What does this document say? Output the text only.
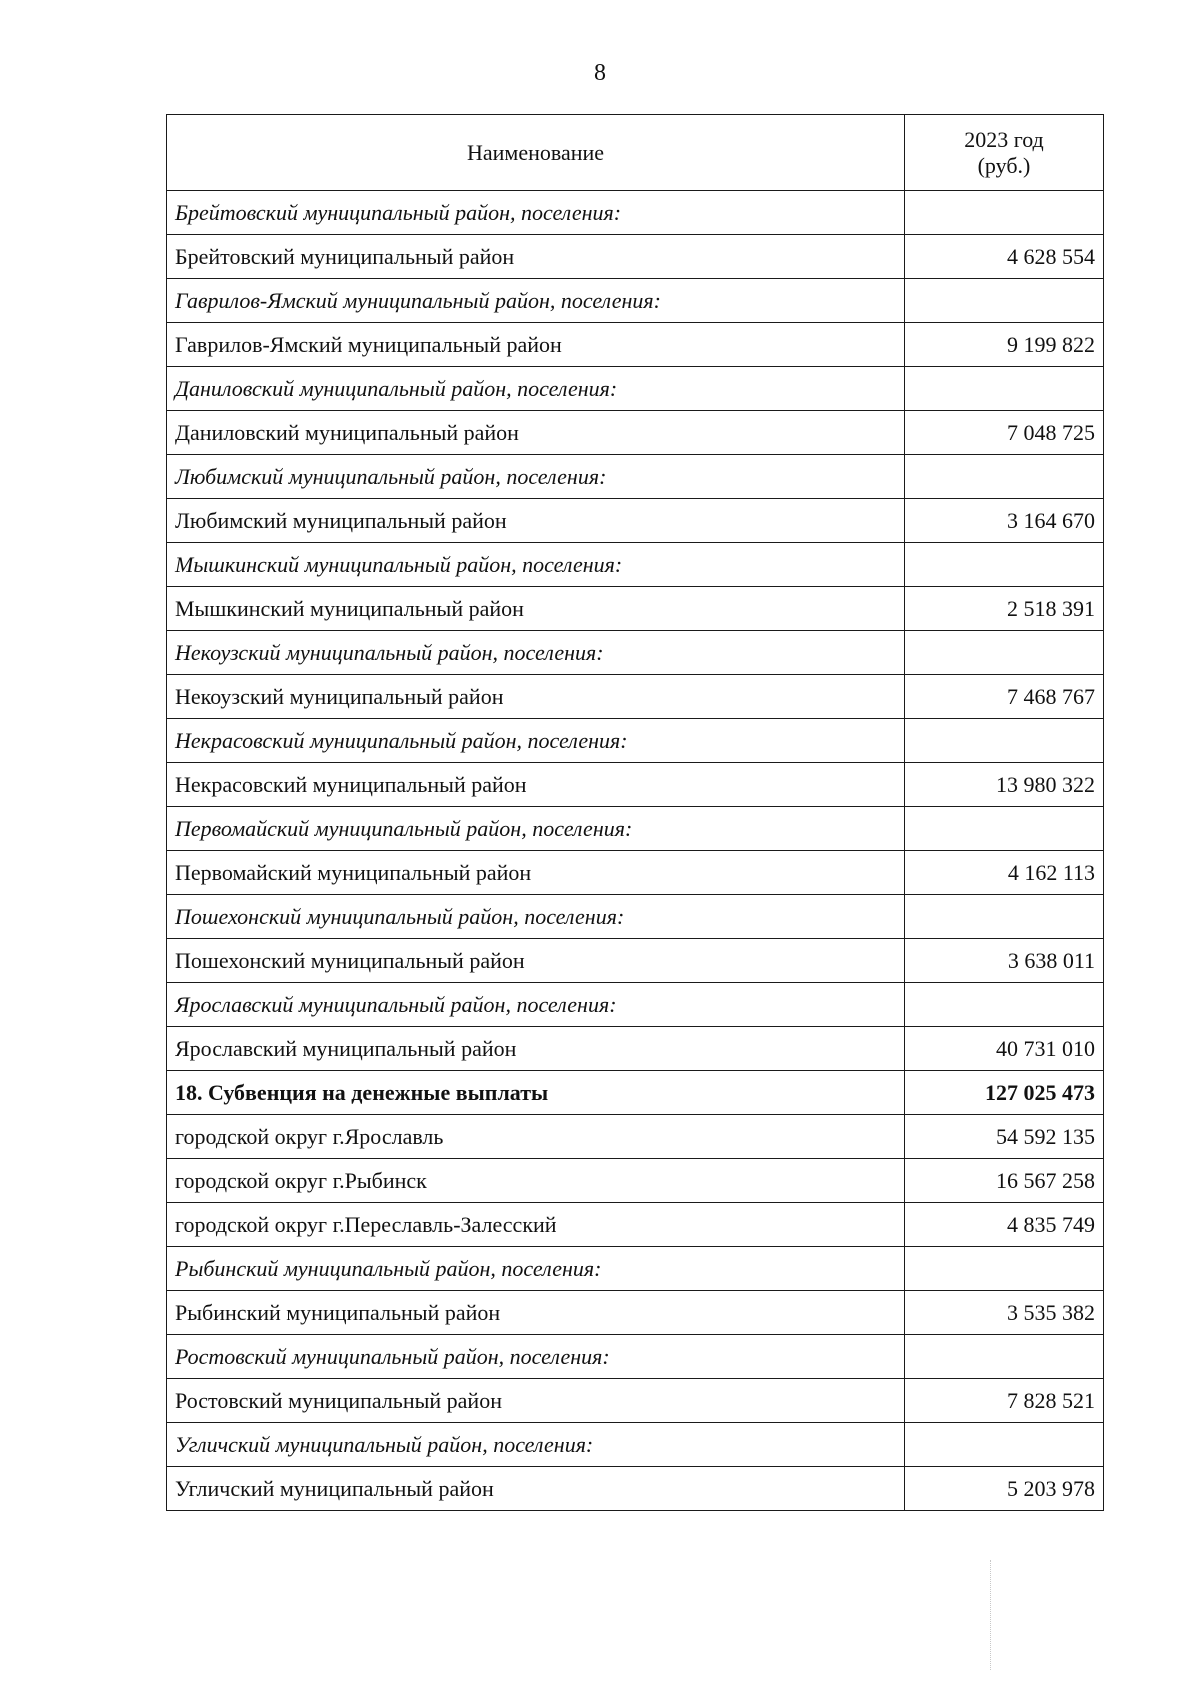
8
Наименование	2023 год
(руб.)
Брейтовский муниципальный район, поселения:	
Брейтовский муниципальный район	4 628 554
Гаврилов-Ямский муниципальный район, поселения:	
Гаврилов-Ямский муниципальный район	9 199 822
Даниловский муниципальный район, поселения:	
Даниловский муниципальный район	7 048 725
Любимский муниципальный район, поселения:	
Любимский муниципальный район	3 164 670
Мышкинский муниципальный район, поселения:	
Мышкинский муниципальный район	2 518 391
Некоузский муниципальный район, поселения:	
Некоузский муниципальный район	7 468 767
Некрасовский муниципальный район, поселения:	
Некрасовский муниципальный район	13 980 322
Первомайский муниципальный район, поселения:	
Первомайский муниципальный район	4 162 113
Пошехонский муниципальный район, поселения:	
Пошехонский муниципальный район	3 638 011
Ярославский муниципальный район, поселения:	
Ярославский муниципальный район	40 731 010
18. Субвенция на денежные выплаты	127 025 473
городской округ г.Ярославль	54 592 135
городской округ г.Рыбинск	16 567 258
городской округ г.Переславль-Залесский	4 835 749
Рыбинский муниципальный район, поселения:	
Рыбинский муниципальный район	3 535 382
Ростовский муниципальный район, поселения:	
Ростовский муниципальный район	7 828 521
Угличский муниципальный район, поселения:	
Угличский муниципальный район	5 203 978
